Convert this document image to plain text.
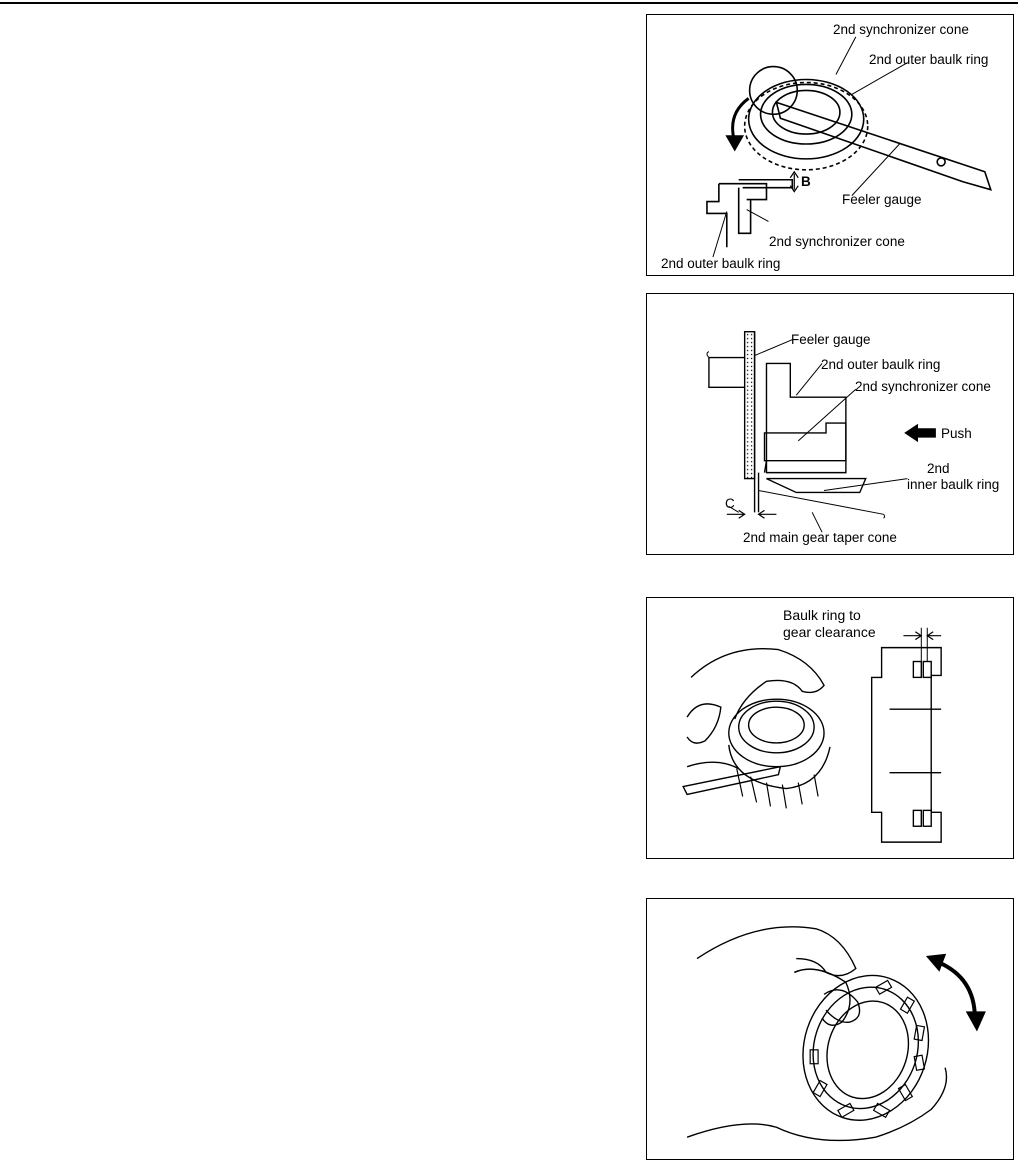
2nd synchronizer cone
2nd outer baulk ring
B
Feeler gauge
2nd synchronizer cone
2nd outer baulk ring
Feeler gauge
2nd outer baulk ring
2nd synchronizer cone
Push
2nd
inner baulk ring
C
2nd main gear taper cone
Baulk ring to
gear clearance
